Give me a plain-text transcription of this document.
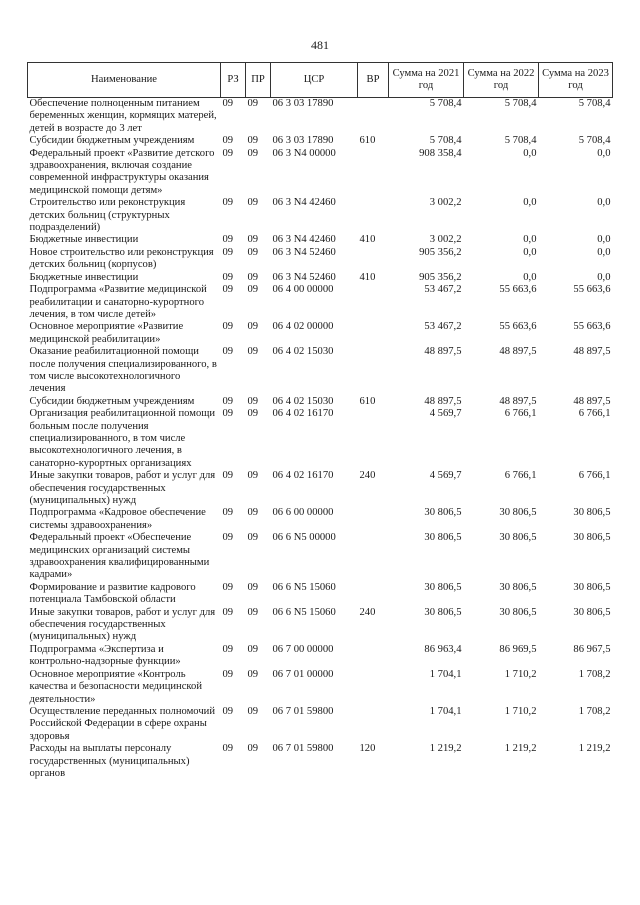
481
Наименование	РЗ	ПР	ЦСР	ВР	Сумма на 2021 год	Сумма на 2022 год	Сумма на 2023 год
Обеспечение полноценным питанием беременных женщин, кормящих матерей, детей в возрасте до 3 лет	09	09	06 3 03 17890		5 708,4	5 708,4	5 708,4
Субсидии бюджетным учреждениям	09	09	06 3 03 17890	610	5 708,4	5 708,4	5 708,4
Федеральный проект «Развитие детского здравоохранения, включая создание современной инфраструктуры оказания медицинской помощи детям»	09	09	06 3 N4 00000		908 358,4	0,0	0,0
Строительство или реконструкция детских больниц (структурных подразделений)	09	09	06 3 N4 42460		3 002,2	0,0	0,0
Бюджетные инвестиции	09	09	06 3 N4 42460	410	3 002,2	0,0	0,0
Новое строительство или реконструкция детских больниц (корпусов)	09	09	06 3 N4 52460		905 356,2	0,0	0,0
Бюджетные инвестиции	09	09	06 3 N4 52460	410	905 356,2	0,0	0,0
Подпрограмма «Развитие медицинской реабилитации и санаторно-курортного лечения, в том числе детей»	09	09	06 4 00 00000		53 467,2	55 663,6	55 663,6
Основное мероприятие «Развитие медицинской реабилитации»	09	09	06 4 02 00000		53 467,2	55 663,6	55 663,6
Оказание реабилитационной помощи после получения специализированного, в том числе высокотехнологичного лечения	09	09	06 4 02 15030		48 897,5	48 897,5	48 897,5
Субсидии бюджетным учреждениям	09	09	06 4 02 15030	610	48 897,5	48 897,5	48 897,5
Организация реабилитационной помощи больным после получения специализированного, в том числе высокотехнологичного лечения, в санаторно-курортных организациях	09	09	06 4 02 16170		4 569,7	6 766,1	6 766,1
Иные закупки товаров, работ и услуг для обеспечения государственных (муниципальных) нужд	09	09	06 4 02 16170	240	4 569,7	6 766,1	6 766,1
Подпрограмма «Кадровое обеспечение системы здравоохранения»	09	09	06 6 00 00000		30 806,5	30 806,5	30 806,5
Федеральный проект «Обеспечение медицинских организаций системы здравоохранения квалифицированными кадрами»	09	09	06 6 N5 00000		30 806,5	30 806,5	30 806,5
Формирование и развитие кадрового потенциала Тамбовской области	09	09	06 6 N5 15060		30 806,5	30 806,5	30 806,5
Иные закупки товаров, работ и услуг для обеспечения государственных (муниципальных) нужд	09	09	06 6 N5 15060	240	30 806,5	30 806,5	30 806,5
Подпрограмма «Экспертиза и контрольно-надзорные функции»	09	09	06 7 00 00000		86 963,4	86 969,5	86 967,5
Основное мероприятие «Контроль качества и безопасности медицинской деятельности»	09	09	06 7 01 00000		1 704,1	1 710,2	1 708,2
Осуществление переданных полномочий Российской Федерации в сфере охраны здоровья	09	09	06 7 01 59800		1 704,1	1 710,2	1 708,2
Расходы на выплаты персоналу государственных (муниципальных) органов	09	09	06 7 01 59800	120	1 219,2	1 219,2	1 219,2
